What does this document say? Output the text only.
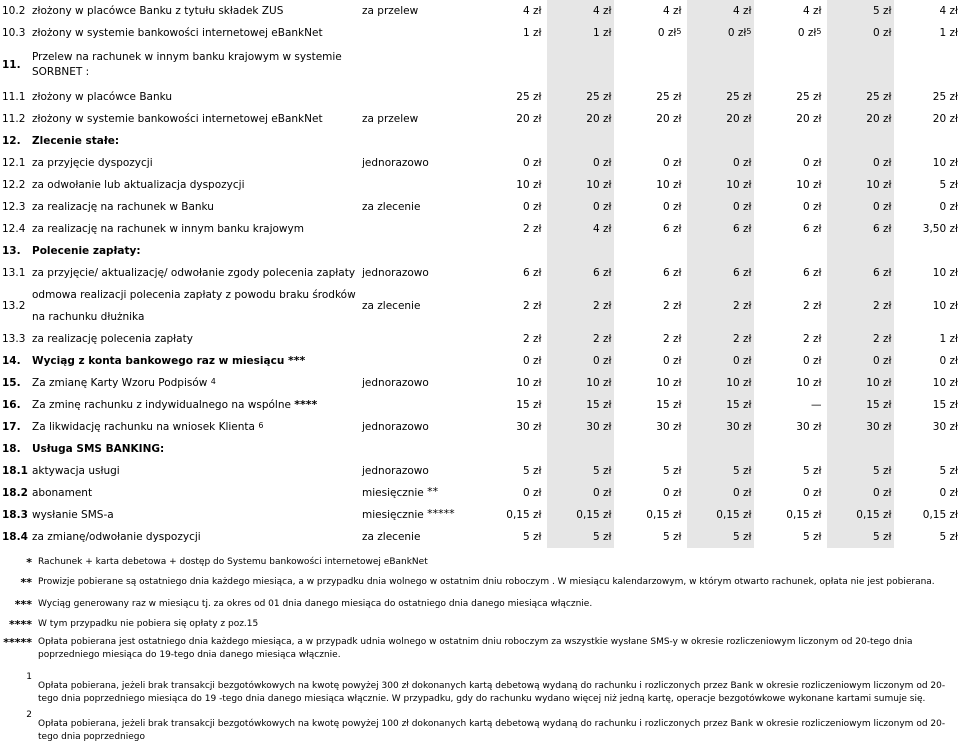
10.2	złożony w placówce Banku z tytułu składek ZUS	za przelew	4 zł	4 zł	4 zł	4 zł	4 zł	5 zł	4 zł
10.3	złożony w systemie bankowości internetowej eBankNet		1 zł	1 zł	0 $zł^5$	0 $zł^5$	0 $zł^5$	0 zł	1 zł
11.	Przelew na rachunek w innym banku krajowym w systemie
SORBNET :								
11.1	złożony w placówce Banku		25 zł	25 zł	25 zł	25 zł	25 zł	25 zł	25 zł
11.2	złożony w systemie bankowości internetowej eBankNet	za przelew	20 zł	20 zł	20 zł	20 zł	20 zł	20 zł	20 zł
12.	Zlecenie stałe:								
12.1	za przyjęcie dyspozycji	jednorazowo	0 zł	0 zł	0 zł	0 zł	0 zł	0 zł	10 zł
12.2	za odwołanie lub aktualizacja dyspozycji		10 zł	10 zł	10 zł	10 zł	10 zł	10 zł	5 zł
12.3	za realizację na rachunek w Banku	za zlecenie	0 zł	0 zł	0 zł	0 zł	0 zł	0 zł	0 zł
12.4	za realizację na rachunek w innym banku krajowym		2 zł	4 zł	6 zł	6 zł	6 zł	6 zł	3,50 zł
13.	Polecenie zapłaty:								
13.1	za przyjęcie/ aktualizację/ odwołanie zgody polecenia zapłaty	jednorazowo	6 zł	6 zł	6 zł	6 zł	6 zł	6 zł	10 zł
13.2	odmowa realizacji polecenia zapłaty z powodu braku środków
na rachunku dłużnika	za zlecenie	2 zł	2 zł	2 zł	2 zł	2 zł	2 zł	10 zł
13.3	za realizację polecenia zapłaty		2 zł	2 zł	2 zł	2 zł	2 zł	2 zł	1 zł
14.	Wyciąg z konta bankowego raz w miesiącu ***		0 zł	0 zł	0 zł	0 zł	0 zł	0 zł	0 zł
15.	Za zmianę Karty Wzoru Podpisów $^4$	jednorazowo	10 zł	10 zł	10 zł	10 zł	10 zł	10 zł	10 zł
16.	Za zminę rachunku z indywidualnego na wspólne ****		15 zł	15 zł	15 zł	15 zł	—	15 zł	15 zł
17.	Za likwidację rachunku na wniosek Klienta $^6$	jednorazowo	30 zł	30 zł	30 zł	30 zł	30 zł	30 zł	30 zł
18.	Usługa SMS BANKING:								
18.1	aktywacja usługi	jednorazowo	5 zł	5 zł	5 zł	5 zł	5 zł	5 zł	5 zł
18.2	abonament	miesięcznie **	0 zł	0 zł	0 zł	0 zł	0 zł	0 zł	0 zł
18.3	wysłanie SMS-a	miesięcznie *****	0,15 zł	0,15 zł	0,15 zł	0,15 zł	0,15 zł	0,15 zł	0,15 zł
18.4	za zmianę/odwołanie dyspozycji	za zlecenie	5 zł	5 zł	5 zł	5 zł	5 zł	5 zł	5 zł
* Rachunek + karta debetowa + dostęp do Systemu bankowości internetowej eBankNet
** Prowizje pobierane są ostatniego dnia każdego miesiąca, a w przypadku dnia wolnego w ostatnim dniu roboczym . W miesiącu kalendarzowym, w którym otwarto rachunek, opłata nie jest pobierana.
*** Wyciąg generowany raz w miesiącu tj. za okres od 01 dnia danego miesiąca do ostatniego dnia danego miesiąca włącznie.
**** W tym przypadku nie pobiera się opłaty z poz.15
***** Opłata pobierana jest ostatniego dnia każdego miesiąca, a w przypadk udnia wolnego w ostatnim dniu roboczym za wszystkie wysłane SMS-y w okresie rozliczeniowym liczonym od 20-tego dnia poprzedniego miesiąca do 19-tego dnia danego miesiąca włącznie.
1
Opłata pobierana, jeżeli brak transakcji bezgotówkowych na kwotę powyżej 300 zł dokonanych kartą debetową wydaną do rachunku i rozliczonych przez Bank w okresie rozliczeniowym liczonym od 20-tego dnia poprzedniego miesiąca do 19 -tego dnia danego miesiąca włącznie. W przypadku, gdy do rachunku wydano więcej niż jedną kartę, operacje bezgotówkowe wykonane kartami sumuje się.
2
Opłata pobierana, jeżeli brak transakcji bezgotówkowych na kwotę powyżej 100 zł dokonanych kartą debetową wydaną do rachunku i rozliczonych przez Bank w okresie rozliczeniowym liczonym od 20-tego dnia poprzedniego
